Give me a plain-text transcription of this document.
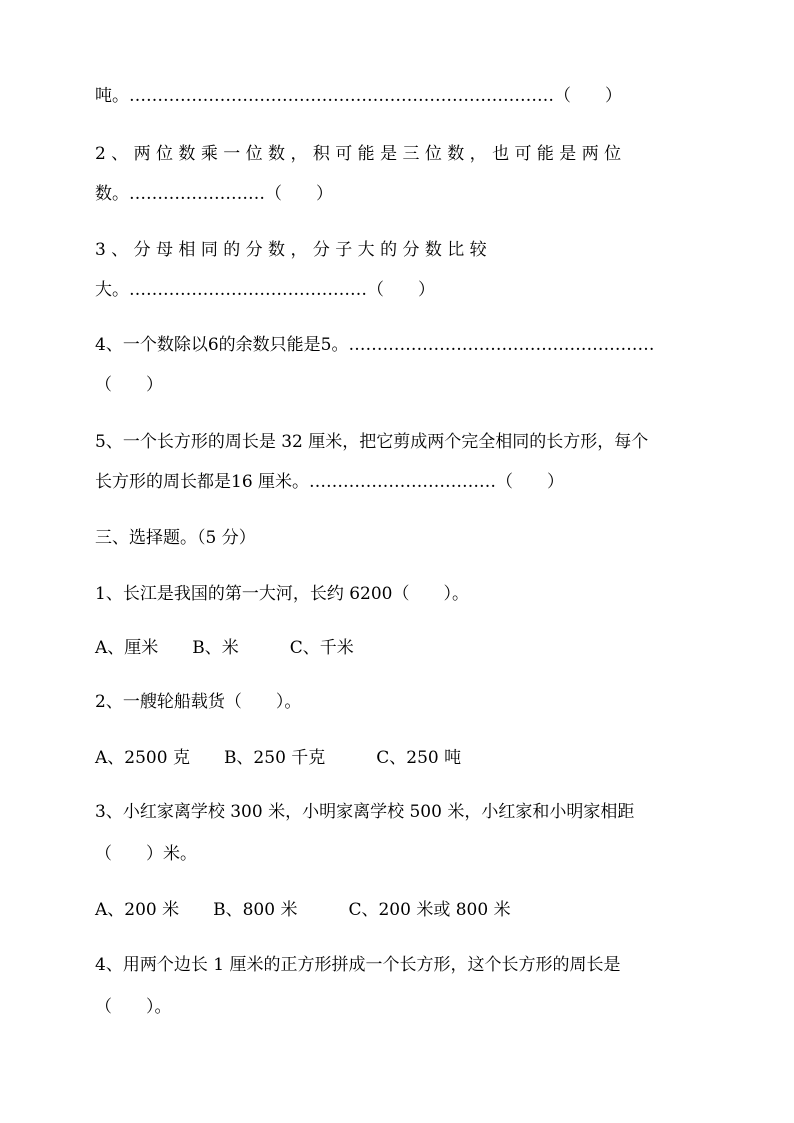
吨。…………………………………………………………………（　　）
2 、 两 位 数 乘 一 位 数 ， 积 可 能 是 三 位 数 ， 也 可 能 是 两 位
数。……………………（　　）
3 、 分 母 相 同 的 分 数 ， 分 子 大 的 分 数 比 较
大。……………………………………（　　）
4、一个数除以6的余数只能是5。………………………………………………
（　　）
5、一个长方形的周长是 32 厘米，把它剪成两个完全相同的长方形，每个
长方形的周长都是16 厘米。……………………………（　　）
三、选择题。（5 分）
1、长江是我国的第一大河，长约 6200（　　）。
A、厘米　　B、米　　　C、千米
2、一艘轮船载货（　　）。
A、2500 克　　B、250 千克　　　C、250 吨
3、小红家离学校 300 米，小明家离学校 500 米，小红家和小明家相距
（　　）米。
A、200 米　　B、800 米　　　C、200 米或 800 米
4、用两个边长 1 厘米的正方形拼成一个长方形，这个长方形的周长是
（　　）。
